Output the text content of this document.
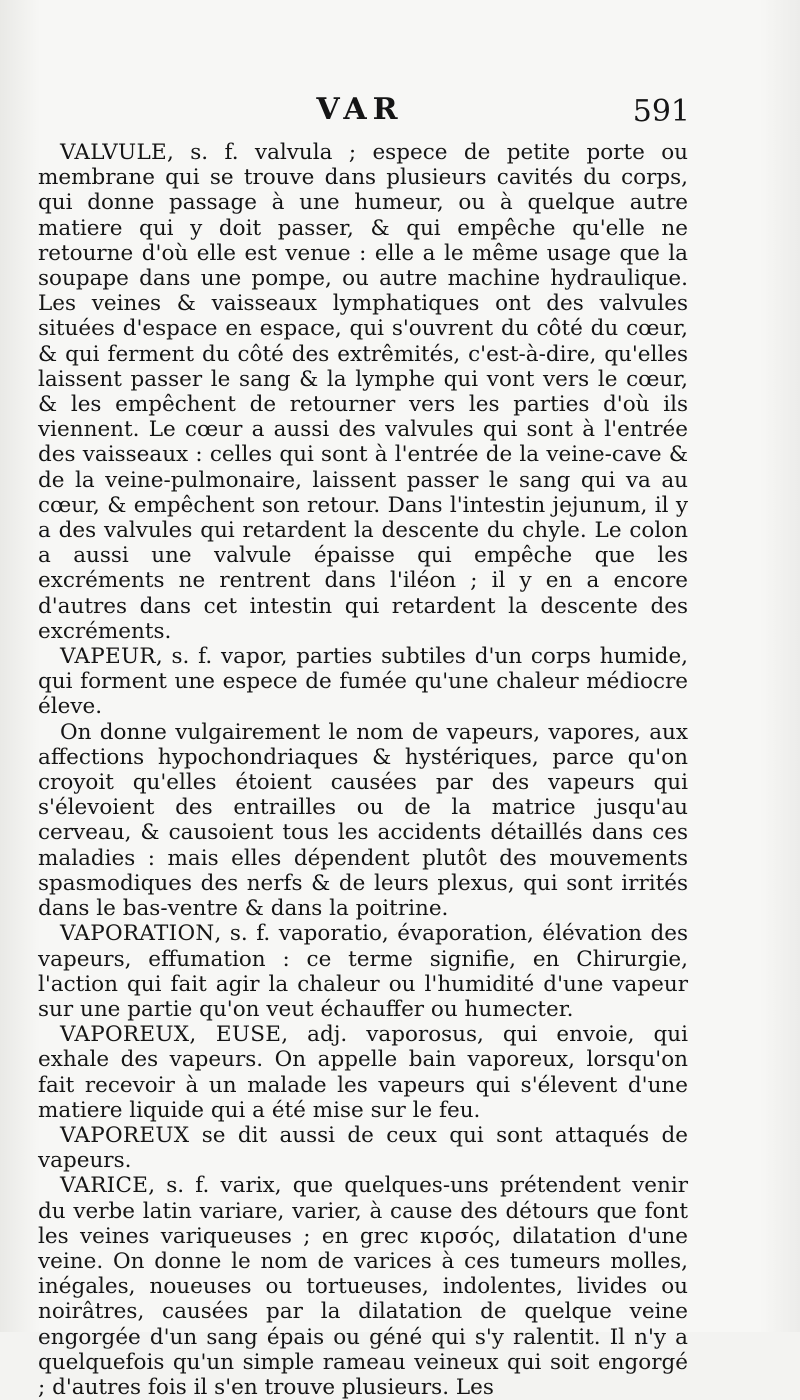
VAR	591

VALVULE, s. f. valvula ; espece de petite porte ou membrane qui se trouve dans plusieurs cavités du corps, qui donne passage à une humeur, ou à quelque autre matiere qui y doit passer, & qui empêche qu'elle ne retourne d'où elle est venue : elle a le même usage que la soupape dans une pompe, ou autre machine hydraulique. Les veines & vaisseaux lymphatiques ont des valvules situées d'espace en espace, qui s'ouvrent du côté du cœur, & qui ferment du côté des extrêmités, c'est-à-dire, qu'elles laissent passer le sang & la lymphe qui vont vers le cœur, & les empêchent de retourner vers les parties d'où ils viennent. Le cœur a aussi des valvules qui sont à l'entrée des vaisseaux : celles qui sont à l'entrée de la veine-cave & de la veine-pulmonaire, laissent passer le sang qui va au cœur, & empêchent son retour. Dans l'intestin jejunum, il y a des valvules qui retardent la descente du chyle. Le colon a aussi une valvule épaisse qui empêche que les excréments ne rentrent dans l'iléon ; il y en a encore d'autres dans cet intestin qui retardent la descente des excréments.

VAPEUR, s. f. vapor, parties subtiles d'un corps humide, qui forment une espece de fumée qu'une chaleur médiocre éleve.

On donne vulgairement le nom de vapeurs, vapores, aux affections hypochondriaques & hystériques, parce qu'on croyoit qu'elles étoient causées par des vapeurs qui s'élevoient des entrailles ou de la matrice jusqu'au cerveau, & causoient tous les accidents détaillés dans ces maladies : mais elles dépendent plutôt des mouvements spasmodiques des nerfs & de leurs plexus, qui sont irrités dans le bas-ventre & dans la poitrine.

VAPORATION, s. f. vaporatio, évaporation, élévation des vapeurs, effumation : ce terme signifie, en Chirurgie, l'action qui fait agir la chaleur ou l'humidité d'une vapeur sur une partie qu'on veut échauffer ou humecter.

VAPOREUX, EUSE, adj. vaporosus, qui envoie, qui exhale des vapeurs. On appelle bain vaporeux, lorsqu'on fait recevoir à un malade les vapeurs qui s'élevent d'une matiere liquide qui a été mise sur le feu.

VAPOREUX se dit aussi de ceux qui sont attaqués de vapeurs.

VARICE, s. f. varix, que quelques-uns prétendent venir du verbe latin variare, varier, à cause des détours que font les veines variqueuses ; en grec κιρσός, dilatation d'une veine. On donne le nom de varices à ces tumeurs molles, inégales, noueuses ou tortueuses, indolentes, livides ou noirâtres, causées par la dilatation de quelque veine engorgée d'un sang épais ou géné qui s'y ralentit. Il n'y a quelquefois qu'un simple rameau veineux qui soit engorgé ; d'autres fois il s'en trouve plusieurs. Les
